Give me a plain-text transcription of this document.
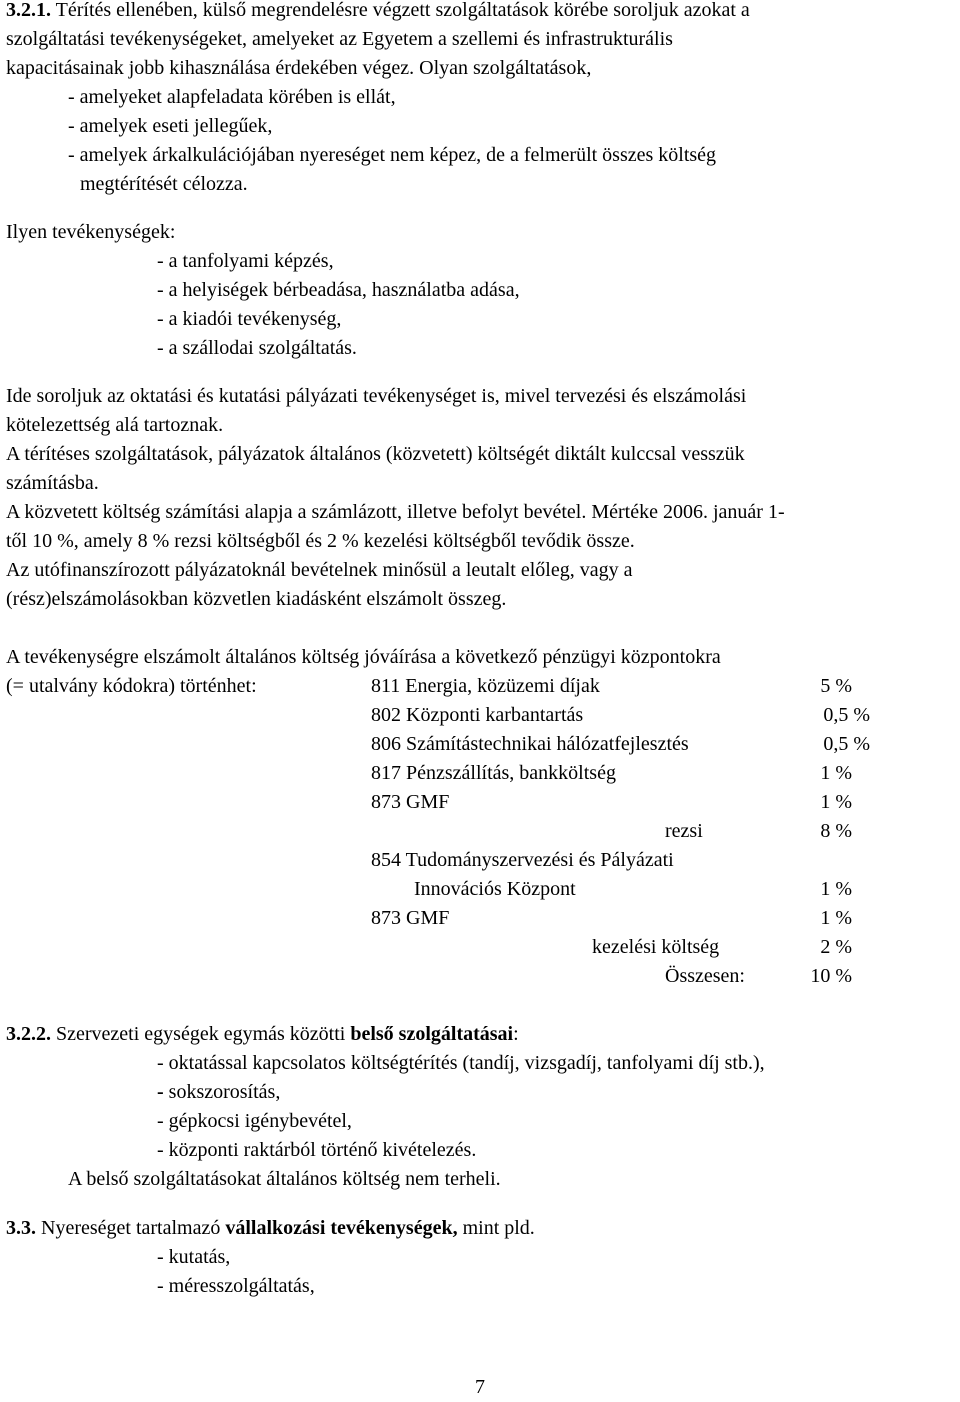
3.2.1. Térítés ellenében, külső megrendelésre végzett szolgáltatások körébe soroljuk azokat a
szolgáltatási tevékenységeket, amelyeket az Egyetem a szellemi és infrastrukturális
kapacitásainak jobb kihasználása érdekében végez. Olyan szolgáltatások,
- amelyeket alapfeladata körében is ellát,
- amelyek eseti jellegűek,
- amelyek árkalkulációjában nyereséget nem képez, de a felmerült összes költség
megtérítését célozza.
Ilyen tevékenységek:
- a tanfolyami képzés,
- a helyiségek bérbeadása, használatba adása,
- a kiadói tevékenység,
- a szállodai szolgáltatás.
Ide soroljuk az oktatási és kutatási pályázati tevékenységet is, mivel tervezési és elszámolási
kötelezettség alá tartoznak.
A térítéses szolgáltatások, pályázatok általános (közvetett) költségét diktált kulccsal vesszük
számításba.
A közvetett költség számítási alapja a számlázott, illetve befolyt bevétel. Mértéke 2006. január 1-
től 10 %, amely 8 % rezsi költségből és 2 % kezelési költségből tevődik össze.
Az utófinanszírozott pályázatoknál bevételnek minősül a leutalt előleg, vagy a
(rész)elszámolásokban közvetlen kiadásként elszámolt összeg.
A tevékenységre elszámolt általános költség jóváírása a következő pénzügyi központokra
(= utalvány kódokra) történhet:	811 Energia, közüzemi díjak	5 %
802 Központi karbantartás	0,5 %
806 Számítástechnikai hálózatfejlesztés	0,5 %
817 Pénzszállítás, bankköltség	1 %
873 GMF	1 %
rezsi	8 %
854 Tudományszervezési és Pályázati
Innovációs Központ	1 %
873 GMF	1 %
kezelési költség	2 %
Összesen:	10 %
3.2.2. Szervezeti egységek egymás közötti belső szolgáltatásai:
- oktatással kapcsolatos költségtérítés (tandíj, vizsgadíj, tanfolyami díj stb.),
- sokszorosítás,
- gépkocsi igénybevétel,
- központi raktárból történő kivételezés.
A belső szolgáltatásokat általános költség nem terheli.
3.3. Nyereséget tartalmazó vállalkozási tevékenységek, mint pld.
- kutatás,
- méresszolgáltatás,
7
